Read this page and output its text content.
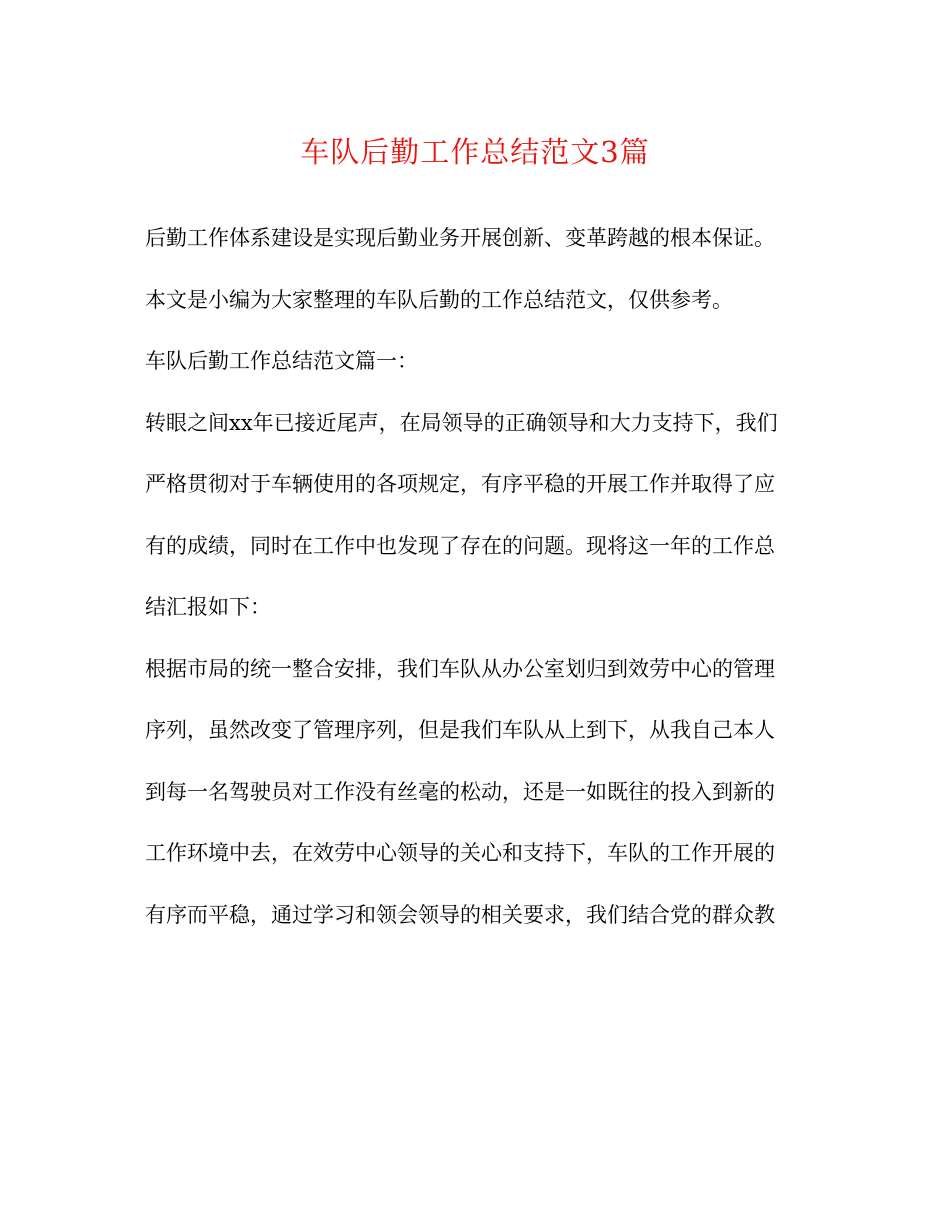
车队后勤工作总结范文3篇
后勤工作体系建设是实现后勤业务开展创新、变革跨越的根本保证。
本文是小编为大家整理的车队后勤的工作总结范文，仅供参考。
车队后勤工作总结范文篇一：
转眼之间xx年已接近尾声，在局领导的正确领导和大力支持下，我们
严格贯彻对于车辆使用的各项规定，有序平稳的开展工作并取得了应
有的成绩，同时在工作中也发现了存在的问题。现将这一年的工作总
结汇报如下：
根据市局的统一整合安排，我们车队从办公室划归到效劳中心的管理
序列，虽然改变了管理序列，但是我们车队从上到下，从我自己本人
到每一名驾驶员对工作没有丝毫的松动，还是一如既往的投入到新的
工作环境中去，在效劳中心领导的关心和支持下，车队的工作开展的
有序而平稳，通过学习和领会领导的相关要求，我们结合党的群众教
